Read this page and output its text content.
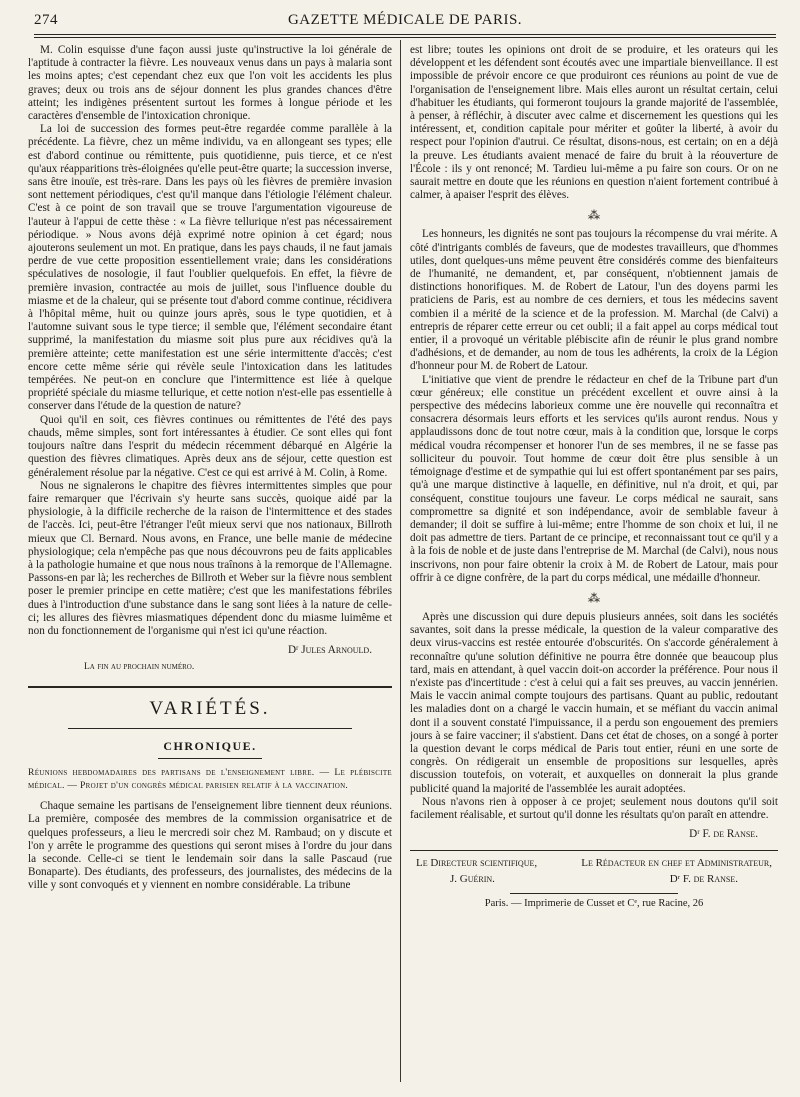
274	GAZETTE MÉDICALE DE PARIS.

M. Colin esquisse d'une façon aussi juste qu'instructive la loi générale de l'aptitude à contracter la fièvre. Les nouveaux venus dans un pays à malaria sont les moins aptes; c'est cependant chez eux que l'on voit les accidents les plus graves; deux ou trois ans de séjour donnent les plus grandes chances d'être atteint; les indigènes présentent surtout les formes à longue période et les caractères d'ensemble de l'intoxication chronique.

La loi de succession des formes peut-être regardée comme parallèle à la précédente. La fièvre, chez un même individu, va en allongeant ses types; elle est d'abord continue ou rémittente, puis quotidienne, puis tierce, et ce n'est qu'aux réapparitions très-éloignées qu'elle peut-être quarte; la succession inverse, sans être inouïe, est très-rare. Dans les pays où les fièvres de première invasion sont nettement périodiques, c'est qu'il manque dans l'étiologie l'élément chaleur. C'est à ce point de son travail que se trouve l'argumentation vigoureuse de l'auteur à l'appui de cette thèse : « La fièvre tellurique n'est pas nécessairement périodique. » Nous avons déjà exprimé notre opinion à cet égard; nous ajouterons seulement un mot. En pratique, dans les pays chauds, il ne faut jamais perdre de vue cette proposition essentiellement vraie; dans les considérations spéculatives de nosologie, il faut l'oublier quelquefois. En effet, la fièvre de première invasion, contractée au mois de juillet, sous l'influence double du miasme et de la chaleur, qui se présente tout d'abord comme continue, récidivera à l'hôpital même, huit ou quinze jours après, sous le type quotidien, et à l'automne suivant sous le type tierce; il semble que, l'élément secondaire étant supprimé, la manifestation du miasme soit plus pure aux récidives qu'à la première atteinte; cette manifestation est une série intermittente d'accès; c'est encore cette même série qui révèle seule l'intoxication dans les latitudes tempérées. Ne peut-on en conclure que l'intermittence est liée à quelque propriété spéciale du miasme tellurique, et cette notion n'est-elle pas essentielle à conserver dans l'étude de la question de nature?

Quoi qu'il en soit, ces fièvres continues ou rémittentes de l'été des pays chauds, même simples, sont fort intéressantes à étudier. Ce sont elles qui font toujours naître dans l'esprit du médecin récemment débarqué en Algérie la question des fièvres climatiques. Après deux ans de séjour, cette question est généralement résolue par la négative. C'est ce qui est arrivé à M. Colin, à Rome.

Nous ne signalerons le chapitre des fièvres intermittentes simples que pour faire remarquer que l'écrivain s'y heurte sans succès, quoique aidé par la physiologie, à la difficile recherche de la raison de l'intermittence et des stades de l'accès. Ici, peut-être l'étranger l'eût mieux servi que nos nationaux, Billroth mieux que Cl. Bernard. Nous avons, en France, une belle manie de médecine physiologique; cela n'empêche pas que nous découvrons peu de faits applicables à la pathologie humaine et que nous nous traînons à la remorque de l'Allemagne. Passons-en par là; les recherches de Billroth et Weber sur la fièvre nous semblent poser le premier principe en cette matière; c'est que les manifestations fébriles dues à l'introduction d'une substance dans le sang sont liées à la nature de celle-ci; les allures des fièvres miasmatiques dépendent donc du miasme luimême et non du fonctionnement de l'organisme qui n'est ici qu'une réaction.

Dʳ Jules Arnould.
La fin au prochain numéro.
VARIÉTÉS.
CHRONIQUE.

Réunions hebdomadaires des partisans de l'enseignement libre. — Le plébiscite médical. — Projet d'un congrès médical parisien relatif à la vaccination.

Chaque semaine les partisans de l'enseignement libre tiennent deux réunions. La première, composée des membres de la commission organisatrice et de quelques professeurs, a lieu le mercredi soir chez M. Rambaud; on y discute et l'on y arrête le programme des questions qui seront mises à l'ordre du jour dans la seconde. Celle-ci se tient le lendemain soir dans la salle Pascaud (rue Bonaparte). Des étudiants, des professeurs, des journalistes, des médecins de la ville y sont convoqués et y viennent en nombre considérable. La tribune

est libre; toutes les opinions ont droit de se produire, et les orateurs qui les développent et les défendent sont écoutés avec une impartiale bienveillance. Il est impossible de prévoir encore ce que produiront ces réunions au point de vue de l'organisation de l'enseignement libre. Mais elles auront un résultat certain, celui d'habituer les étudiants, qui formeront toujours la grande majorité de l'assemblée, à penser, à réfléchir, à discuter avec calme et discernement les questions qui les intéressent, et, condition capitale pour mériter et goûter la liberté, à avoir du respect pour l'opinion d'autrui. Ce résultat, disons-nous, est certain; on en a déjà la preuve. Les étudiants avaient menacé de faire du bruit à la réouverture de l'École : ils y ont renoncé; M. Tardieu lui-même a pu faire son cours. Or on ne saurait mettre en doute que les réunions en question n'aient fortement contribué à calmer, à apaiser l'esprit des élèves.

⁂

Les honneurs, les dignités ne sont pas toujours la récompense du vrai mérite. A côté d'intrigants comblés de faveurs, que de modestes travailleurs, que d'hommes utiles, dont quelques-uns même peuvent être considérés comme des bienfaiteurs de l'humanité, ne demandent, et, par conséquent, n'obtiennent jamais de distinctions honorifiques. M. de Robert de Latour, l'un des doyens parmi les praticiens de Paris, est au nombre de ces derniers, et tous les médecins savent combien il a mérité de la science et de la profession. M. Marchal (de Calvi) a entrepris de réparer cette erreur ou cet oubli; il a fait appel au corps médical tout entier, il a provoqué un véritable plébiscite afin de réunir le plus grand nombre d'adhésions, et de demander, au nom de tous les adhérents, la croix de la Légion d'honneur pour M. de Robert de Latour.

L'initiative que vient de prendre le rédacteur en chef de la Tribune part d'un cœur généreux; elle constitue un précédent excellent et ouvre ainsi à la perspective des médecins laborieux comme une ère nouvelle qui reconnaîtra et consacrera désormais leurs efforts et les services qu'ils auront rendus. Nous y applaudissons donc de tout notre cœur, mais à la condition que, lorsque le corps médical voudra récompenser et honorer l'un de ses membres, il ne se fasse pas solliciteur du pouvoir. Tout homme de cœur doit être plus sensible à un témoignage d'estime et de sympathie qui lui est offert spontanément par ses pairs, qu'à une marque distinctive à laquelle, en définitive, nul n'a droit, et qui, par conséquent, constitue toujours une faveur. Le corps médical ne saurait, sans compromettre sa dignité et son indépendance, avoir de semblable faveur à demander; il doit se suffire à lui-même; entre l'homme de son choix et lui, il ne doit pas admettre de tiers. Partant de ce principe, et reconnaissant tout ce qu'il y a à la fois de noble et de juste dans l'entreprise de M. Marchal (de Calvi), nous nous inscrivons, non pour faire obtenir la croix à M. de Robert de Latour, mais pour offrir à ce digne confrère, de la part du corps médical, une médaille d'honneur.

⁂

Après une discussion qui dure depuis plusieurs années, soit dans les sociétés savantes, soit dans la presse médicale, la question de la valeur comparative des deux virus-vaccins est restée entourée d'obscurités. On s'accorde généralement à reconnaître qu'une solution définitive ne pourra être donnée que beaucoup plus tard, mais en attendant, à quel vaccin doit-on accorder la préférence. Pour nous il n'existe pas d'incertitude : c'est à celui qui a fait ses preuves, au vaccin jennérien. Mais le vaccin animal compte toujours des partisans. Quant au public, redoutant les maladies dont on a chargé le vaccin humain, et se méfiant du vaccin animal dont il a souvent constaté l'impuissance, il a perdu son engouement des premiers jours à se faire vacciner; il s'abstient. Dans cet état de choses, on a songé à porter la question devant le corps médical de Paris tout entier, réuni en une sorte de congrès. On rédigerait un ensemble de propositions sur lesquelles, après discussion toutefois, on voterait, et auxquelles on donnerait la plus grande publicité quand la majorité de l'assemblée les aurait adoptées.

Nous n'avons rien à opposer à ce projet; seulement nous doutons qu'il soit facilement réalisable, et surtout qu'il donne les résultats qu'on paraît en attendre.

Dʳ F. de Ranse.
Le Directeur scientifique,	Le Rédacteur en chef et Administrateur,
J. Guérin.	Dʳ F. de Ranse.
Paris. — Imprimerie de Cusset et Cᵉ, rue Racine, 26
